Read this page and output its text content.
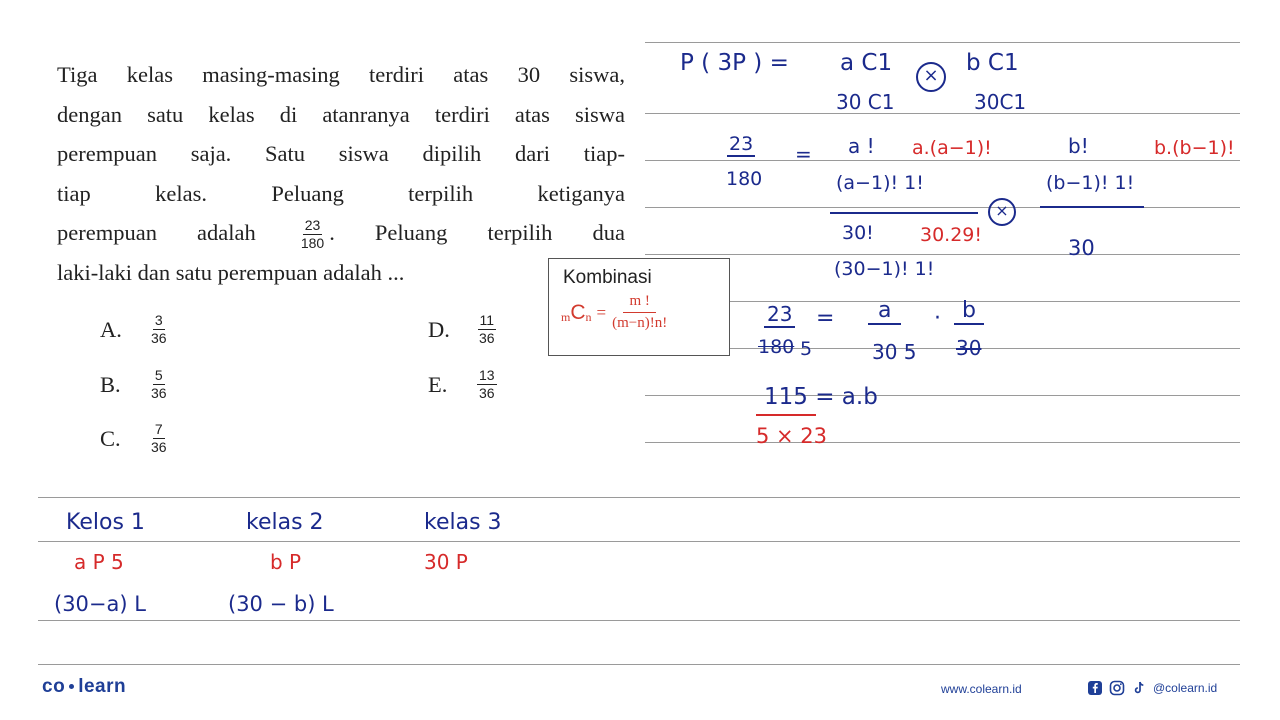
Tiga kelas masing-masing terdiri atas 30 siswa,
dengan satu kelas di atanranya terdiri atas siswa
perempuan saja. Satu siswa dipilih dari tiap-
tiap kelas. Peluang terpilih ketiganya
perempuan adalah	$\frac{23}{180}$ . Peluang terpilih dua
laki-laki dan satu perempuan adalah ...
A.	$\frac{3}{36}$
B.	$\frac{5}{36}$
C.	$\frac{7}{36}$
D.	$\frac{11}{36}$
E.	$\frac{13}{36}$
Kombinasi
m C $n = \frac{m !}{(m-n)!n!}$
P ( 3P ) = a C1
30 C1
×	b C1
30C1
23
180
= a ! a.(a−1)!
(a−1)! 1!
×
b!	b.(b−1)!
(b−1)! 1!
30! 30.29!
(30−1)! 1!
30
23
180 5
=	a
30 5
· b
30
115 = a.b
5 × 23
Kelos 1	kelas 2	kelas 3
a P 5	b P	30 P
(30−a) L	(30 − b) L
co learn	www.colearn.id	@colearn.id
